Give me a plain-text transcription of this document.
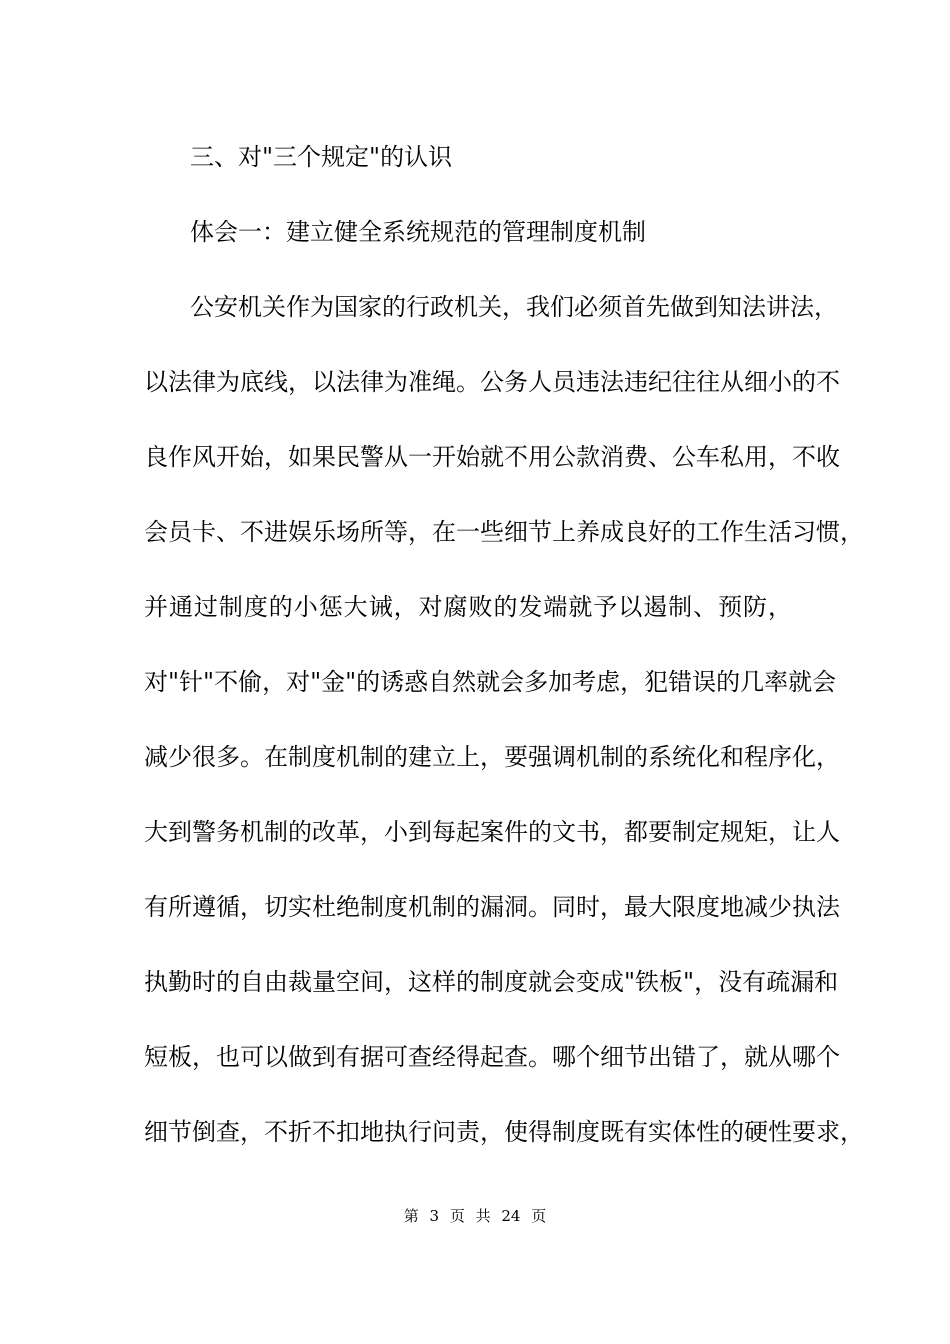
三、对"三个规定"的认识

体会一：建立健全系统规范的管理制度机制

公安机关作为国家的行政机关，我们必须首先做到知法讲法，

以法律为底线，以法律为准绳。公务人员违法违纪往往从细小的不

良作风开始，如果民警从一开始就不用公款消费、公车私用，不收

会员卡、不进娱乐场所等，在一些细节上养成良好的工作生活习惯，

并通过制度的小惩大诫，对腐败的发端就予以遏制、预防，

对"针"不偷，对"金"的诱惑自然就会多加考虑，犯错误的几率就会

减少很多。在制度机制的建立上，要强调机制的系统化和程序化，

大到警务机制的改革，小到每起案件的文书，都要制定规矩，让人

有所遵循，切实杜绝制度机制的漏洞。同时，最大限度地减少执法

执勤时的自由裁量空间，这样的制度就会变成"铁板"，没有疏漏和

短板，也可以做到有据可查经得起查。哪个细节出错了，就从哪个

细节倒查，不折不扣地执行问责，使得制度既有实体性的硬性要求，

第 3 页 共 24 页
